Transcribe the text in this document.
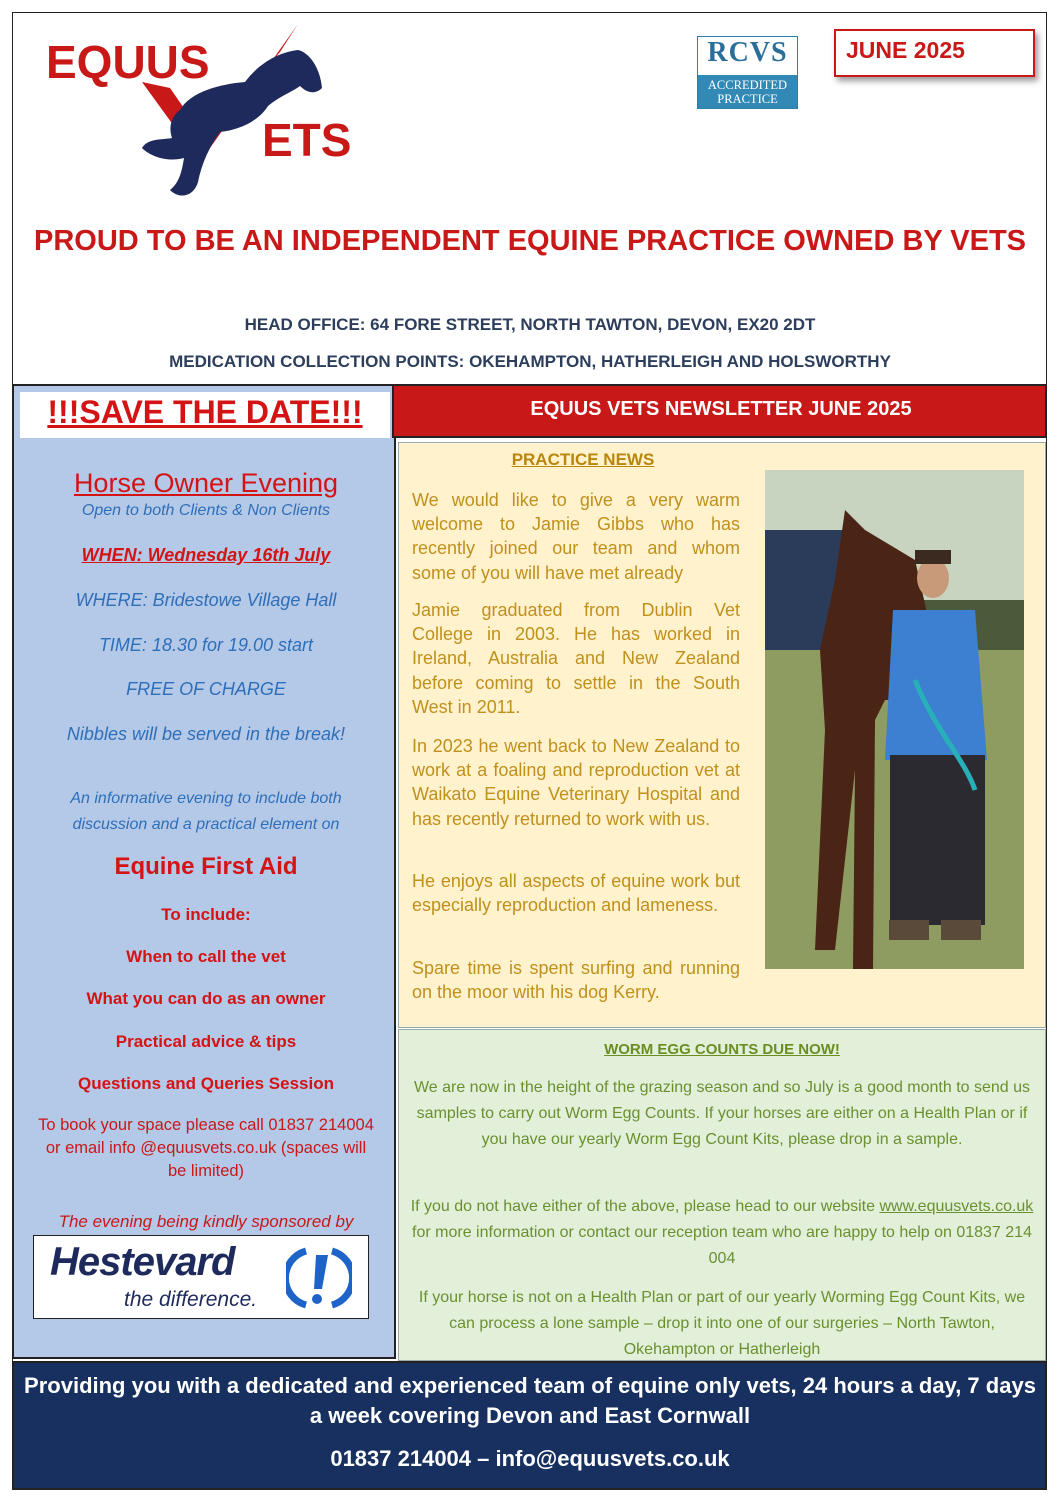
EQUUS
ETS
RCVS
ACCREDITED
PRACTICE
JUNE 2025
PROUD TO BE AN INDEPENDENT EQUINE PRACTICE OWNED BY VETS
HEAD OFFICE: 64 FORE STREET, NORTH TAWTON, DEVON, EX20 2DT
MEDICATION COLLECTION POINTS: OKEHAMPTON, HATHERLEIGH AND HOLSWORTHY
!!!SAVE THE DATE!!!
Horse Owner Evening
Open to both Clients & Non Clients
WHEN: Wednesday 16th July
WHERE: Bridestowe Village Hall
TIME: 18.30 for 19.00 start
FREE OF CHARGE
Nibbles will be served in the break!
An informative evening to include both discussion and a practical element on
Equine First Aid
To include:
When to call the vet
What you can do as an owner
Practical advice & tips
Questions and Queries Session
To book your space please call 01837 214004 or email info @equusvets.co.uk (spaces will be limited)
The evening being kindly sponsored by
Hestevard
the difference.
EQUUS VETS NEWSLETTER JUNE 2025
PRACTICE NEWS
We would like to give a very warm welcome to Jamie Gibbs who has recently joined our team and whom some of you will have met already
Jamie graduated from Dublin Vet College in 2003. He has worked in Ireland, Australia and New Zealand before coming to settle in the South West in 2011.
In 2023 he went back to New Zealand to work at a foaling and reproduction vet at Waikato Equine Veterinary Hospital and has recently returned to work with us.
He enjoys all aspects of equine work but especially reproduction and lameness.
Spare time is spent surfing and running on the moor with his dog Kerry.
WORM EGG COUNTS DUE NOW!
We are now in the height of the grazing season and so July is a good month to send us samples to carry out Worm Egg Counts. If your horses are either on a Health Plan or if you have our yearly Worm Egg Count Kits, please drop in a sample.
If you do not have either of the above, please head to our website www.equusvets.co.uk for more information or contact our reception team who are happy to help on 01837 214 004
If your horse is not on a Health Plan or part of our yearly Worming Egg Count Kits, we can process a lone sample – drop it into one of our surgeries – North Tawton, Okehampton or Hatherleigh
Providing you with a dedicated and experienced team of equine only vets, 24 hours a day, 7 days a week covering Devon and East Cornwall
01837 214004 – info@equusvets.co.uk
